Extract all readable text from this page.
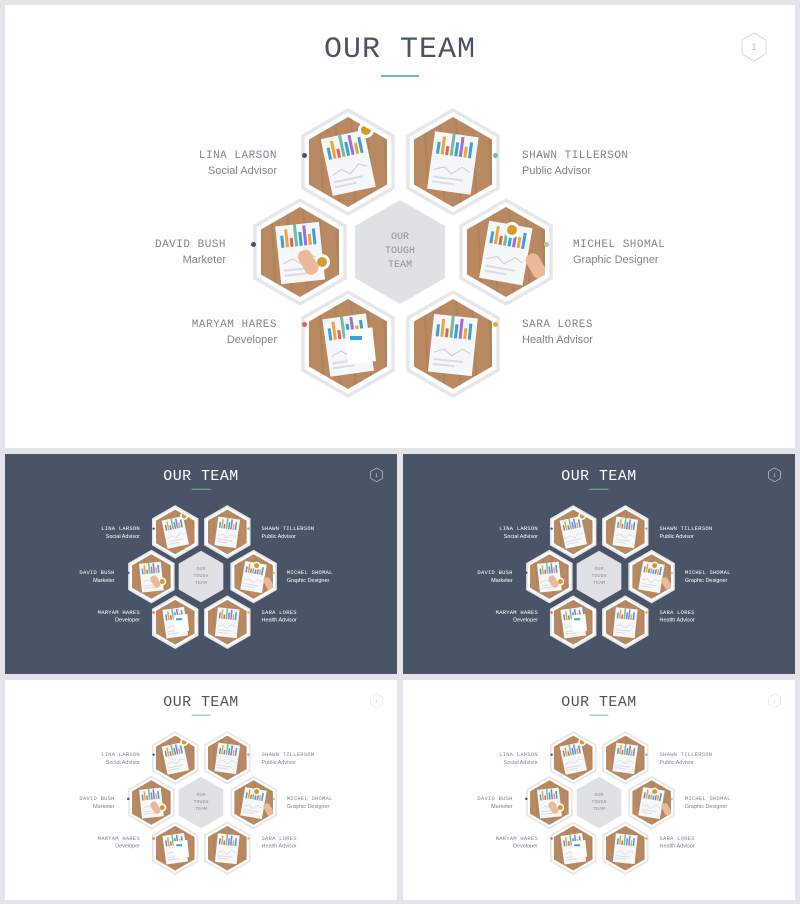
OUR TEAM	1
OUR
TOUGH
TEAM
LINA LARSON
Social Advisor
SHAWN TILLERSON
Public Advisor
DAVID BUSH
Marketer
MICHEL SHOMAL
Graphic Designer
MARYAM HARES
Developer
SARA LORES
Health Advisor
OUR TEAM	1
OUR
TOUGH
TEAM
LINA LARSON
Social Advisor
SHAWN TILLERSON
Public Advisor
DAVID BUSH
Marketer
MICHEL SHOMAL
Graphic Designer
MARYAM HARES
Developer
SARA LORES
Health Advisor
OUR TEAM	1
OUR
TOUGH
TEAM
LINA LARSON
Social Advisor
SHAWN TILLERSON
Public Advisor
DAVID BUSH
Marketer
MICHEL SHOMAL
Graphic Designer
MARYAM HARES
Developer
SARA LORES
Health Advisor
OUR TEAM	1
OUR
TOUGH
TEAM
LINA LARSON
Social Advisor
SHAWN TILLERSON
Public Advisor
DAVID BUSH
Marketer
MICHEL SHOMAL
Graphic Designer
MARYAM HARES
Developer
SARA LORES
Health Advisor
OUR TEAM	1
OUR
TOUGH
TEAM
LINA LARSON
Social Advisor
SHAWN TILLERSON
Public Advisor
DAVID BUSH
Marketer
MICHEL SHOMAL
Graphic Designer
MARYAM HARES
Developer
SARA LORES
Health Advisor
